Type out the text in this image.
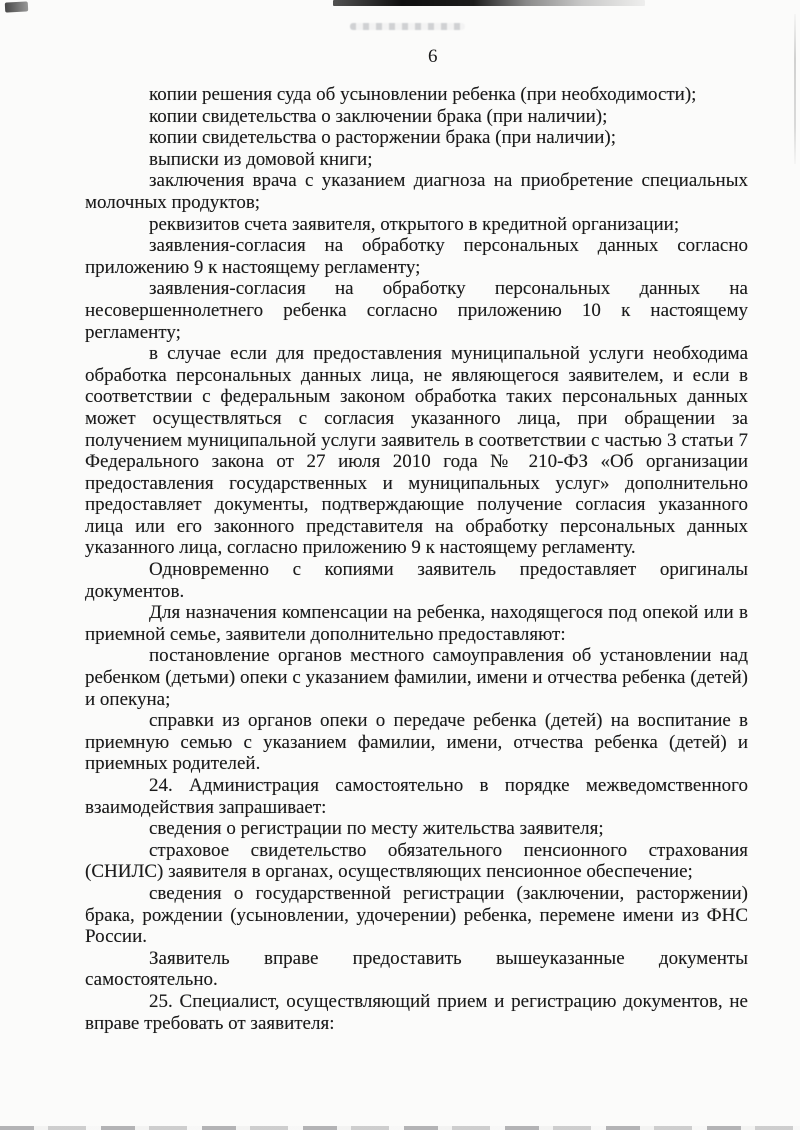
6

копии решения суда об усыновлении ребенка (при необходимости);

копии свидетельства о заключении брака (при наличии);

копии свидетельства о расторжении брака (при наличии);

выписки из домовой книги;

заключения врача с указанием диагноза на приобретение специальных молочных продуктов;

реквизитов счета заявителя, открытого в кредитной организации;

заявления-согласия на обработку персональных данных согласно приложению 9 к настоящему регламенту;

заявления-согласия на обработку персональных данных на несовершеннолетнего ребенка согласно приложению 10 к настоящему регламенту;

в случае если для предоставления муниципальной услуги необходима обработка персональных данных лица, не являющегося заявителем, и если в соответствии с федеральным законом обработка таких персональных данных может осуществляться с согласия указанного лица, при обращении за получением муниципальной услуги заявитель в соответствии с частью 3 статьи 7 Федерального закона от 27 июля 2010 года № 210-ФЗ «Об организации предоставления государственных и муниципальных услуг» дополнительно предоставляет документы, подтверждающие получение согласия указанного лица или его законного представителя на обработку персональных данных указанного лица, согласно приложению 9 к настоящему регламенту.

Одновременно с копиями заявитель предоставляет оригиналы документов.

Для назначения компенсации на ребенка, находящегося под опекой или в приемной семье, заявители дополнительно предоставляют:

постановление органов местного самоуправления об установлении над ребенком (детьми) опеки с указанием фамилии, имени и отчества ребенка (детей) и опекуна;

справки из органов опеки о передаче ребенка (детей) на воспитание в приемную семью с указанием фамилии, имени, отчества ребенка (детей) и приемных родителей.

24. Администрация самостоятельно в порядке межведомственного взаимодействия запрашивает:

сведения о регистрации по месту жительства заявителя;

страховое свидетельство обязательного пенсионного страхования (СНИЛС) заявителя в органах, осуществляющих пенсионное обеспечение;

сведения о государственной регистрации (заключении, расторжении) брака, рождении (усыновлении, удочерении) ребенка, перемене имени из ФНС России.

Заявитель вправе предоставить вышеуказанные документы самостоятельно.

25. Специалист, осуществляющий прием и регистрацию документов, не вправе требовать от заявителя:
